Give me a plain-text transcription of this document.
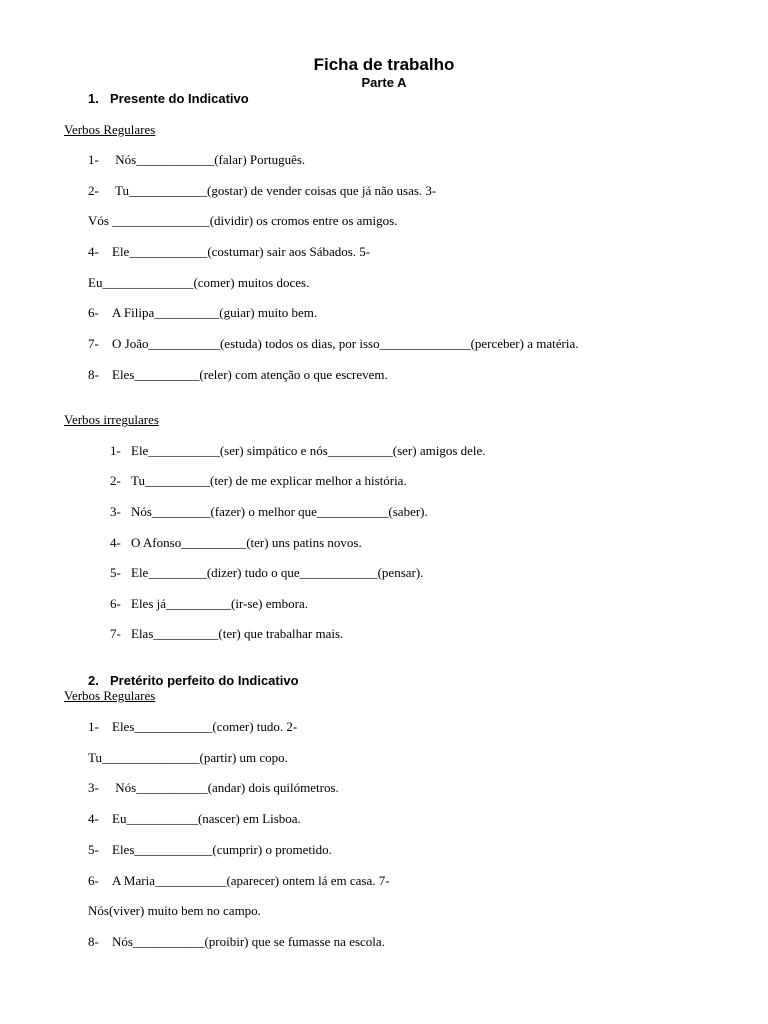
Ficha de trabalho
Parte A
1. Presente do Indicativo
Verbos Regulares
1- Nós____________(falar) Português.
2- Tu____________(gostar) de vender coisas que já não usas. 3-
Vós _______________(dividir) os cromos entre os amigos.
4- Ele____________(costumar) sair aos Sábados. 5-
Eu______________(comer) muitos doces.
6- A Filipa__________(guiar) muito bem.
7- O João___________(estuda) todos os dias, por isso______________(perceber) a matéria.
8- Eles__________(reler) com atenção o que escrevem.
Verbos irregulares
1- Ele___________(ser) simpático e nós__________(ser) amigos dele.
2- Tu__________(ter) de me explicar melhor a história.
3- Nós_________(fazer) o melhor que___________(saber).
4- O Afonso__________(ter) uns patins novos.
5- Ele_________(dizer) tudo o que____________(pensar).
6- Eles já__________(ir-se) embora.
7- Elas__________(ter) que trabalhar mais.
2. Pretérito perfeito do Indicativo
Verbos Regulares
1- Eles____________(comer) tudo. 2-
Tu_______________(partir) um copo.
3- Nós___________(andar) dois quilómetros.
4- Eu___________(nascer) em Lisboa.
5- Eles____________(cumprir) o prometido.
6- A Maria___________(aparecer) ontem lá em casa. 7-
Nós(viver) muito bem no campo.
8- Nós___________(proibir) que se fumasse na escola.
